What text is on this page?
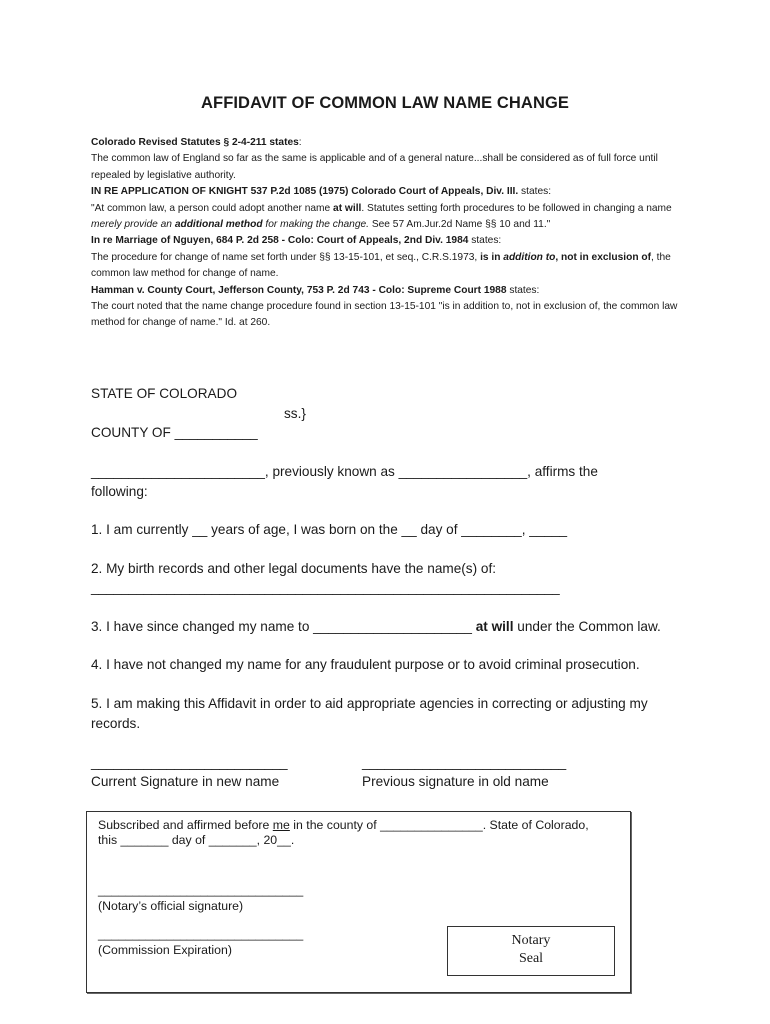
AFFIDAVIT OF COMMON LAW NAME CHANGE

Colorado Revised Statutes § 2-4-211 states:

The common law of England so far as the same is applicable and of a general nature...shall be considered as of full force until repealed by legislative authority.

IN RE APPLICATION OF KNIGHT 537 P.2d 1085 (1975) Colorado Court of Appeals, Div. III. states:

"At common law, a person could adopt another name at will. Statutes setting forth procedures to be followed in changing a name merely provide an additional method for making the change. See 57 Am.Jur.2d Name §§ 10 and 11."

In re Marriage of Nguyen, 684 P. 2d 258 - Colo: Court of Appeals, 2nd Div. 1984 states:

The procedure for change of name set forth under §§ 13-15-101, et seq., C.R.S.1973, is in addition to, not in exclusion of, the common law method for change of name.

Hamman v. County Court, Jefferson County, 753 P. 2d 743 - Colo: Supreme Court 1988 states:

The court noted that the name change procedure found in section 13-15-101 "is in addition to, not in exclusion of, the common law method for change of name." Id. at 260.

STATE OF COLORADO
ss.}
COUNTY OF ___________
_______________________, previously known as _________________, affirms the
following:
1. I am currently __ years of age, I was born on the __ day of ________, _____
2. My birth records and other legal documents have the name(s) of:
______________________________________________________________
3. I have since changed my name to _____________________ at will under the Common law.
4. I have not changed my name for any fraudulent purpose or to avoid criminal prosecution.
5. I am making this Affidavit in order to aid appropriate agencies in correcting or adjusting my
records.
__________________________	___________________________
Current Signature in new name	Previous signature in old name
Subscribed and affirmed before me in the county of _______________. State of Colorado,
this _______ day of _______, 20__.
______________________________
(Notary’s official signature)
______________________________
(Commission Expiration)
Notary
Seal
